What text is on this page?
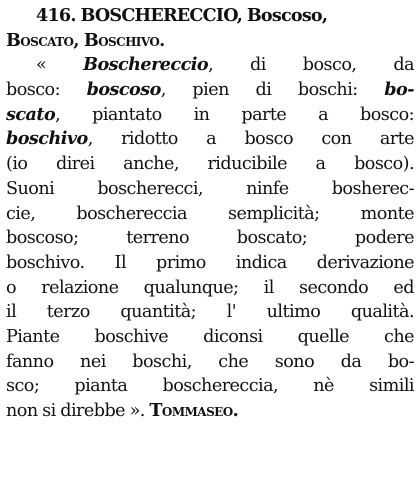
416. BOSCHERECCIO, Boscoso,
Boscato, Boschivo.
« Boschereccio, di bosco, da
bosco: boscoso, pien di boschi: bo-
scato, piantato in parte a bosco:
boschivo, ridotto a bosco con arte
(io direi anche, riducibile a bosco).
Suoni boscherecci, ninfe bosherec-
cie, boschereccia semplicità; monte
boscoso; terreno boscato; podere
boschivo. Il primo indica derivazione
o relazione qualunque; il secondo ed
il terzo quantità; l' ultimo qualità.
Piante boschive diconsi quelle che
fanno nei boschi, che sono da bo-
sco; pianta boschereccia, nè simili
non si direbbe ». Tommaseo.
